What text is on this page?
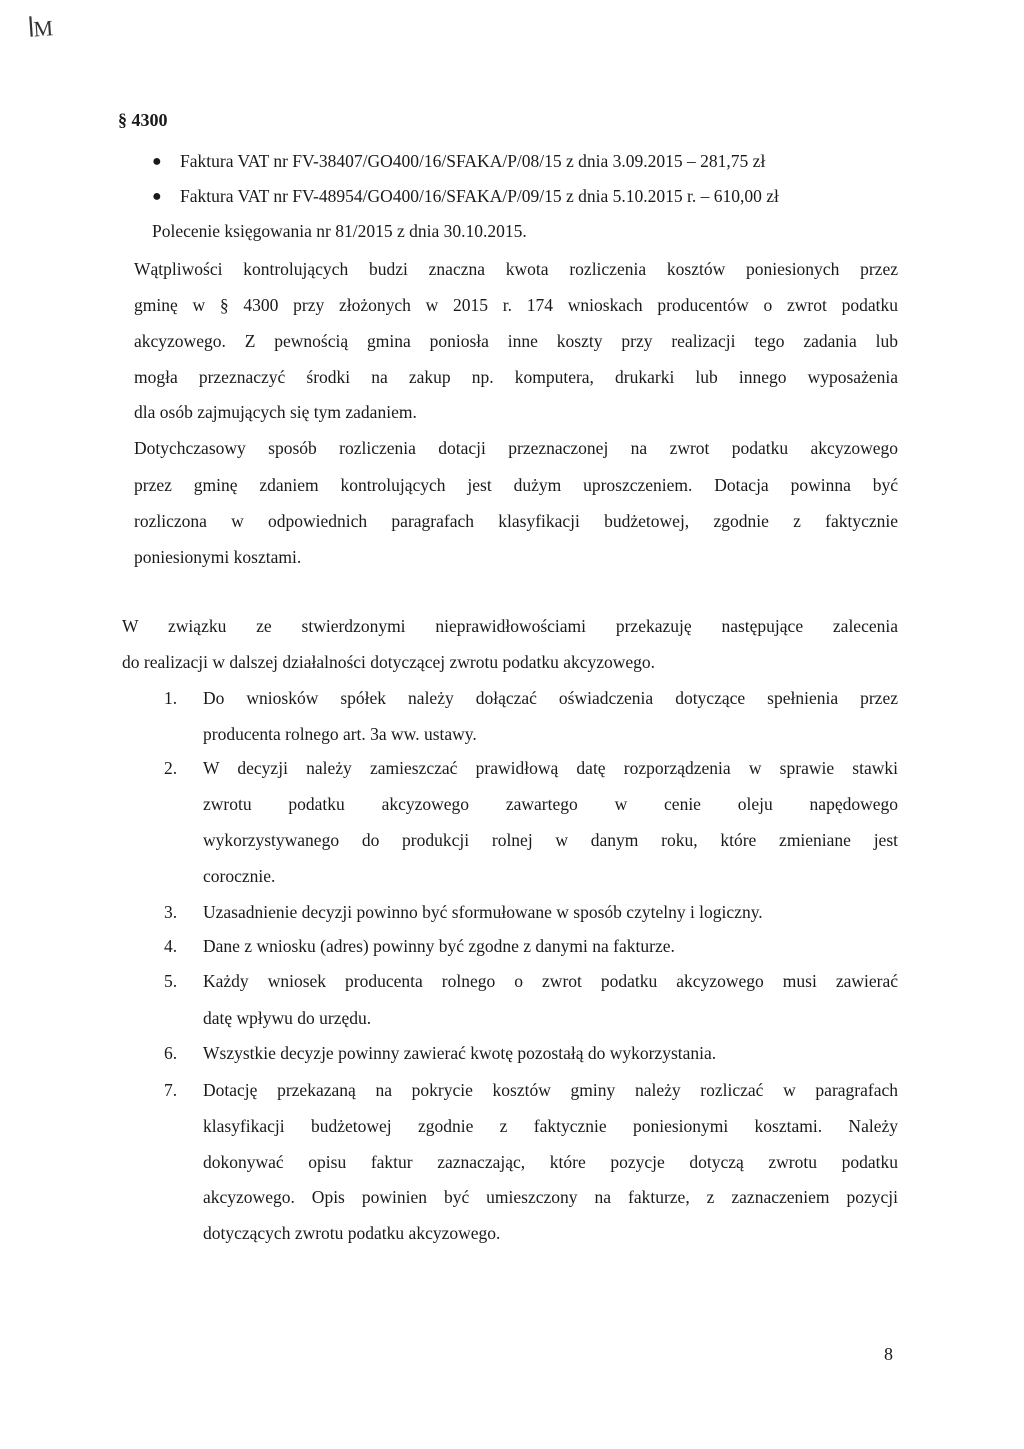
ꟾM
§ 4300
● Faktura VAT nr FV-38407/GO400/16/SFAKA/P/08/15 z dnia 3.09.2015 – 281,75 zł
● Faktura VAT nr FV-48954/GO400/16/SFAKA/P/09/15 z dnia 5.10.2015 r. – 610,00 zł
Polecenie księgowania nr 81/2015 z dnia 30.10.2015.
Wątpliwości kontrolujących budzi znaczna kwota rozliczenia kosztów poniesionych przez
gminę w § 4300 przy złożonych w 2015 r. 174 wnioskach producentów o zwrot podatku
akcyzowego. Z pewnością gmina poniosła inne koszty przy realizacji tego zadania lub
mogła przeznaczyć środki na zakup np. komputera, drukarki lub innego wyposażenia
dla osób zajmujących się tym zadaniem.
Dotychczasowy sposób rozliczenia dotacji przeznaczonej na zwrot podatku akcyzowego
przez gminę zdaniem kontrolujących jest dużym uproszczeniem. Dotacja powinna być
rozliczona w odpowiednich paragrafach klasyfikacji budżetowej, zgodnie z faktycznie
poniesionymi kosztami.
W związku ze stwierdzonymi nieprawidłowościami przekazuję następujące zalecenia
do realizacji w dalszej działalności dotyczącej zwrotu podatku akcyzowego.
1. Do wniosków spółek należy dołączać oświadczenia dotyczące spełnienia przez
producenta rolnego art. 3a ww. ustawy.
2. W decyzji należy zamieszczać prawidłową datę rozporządzenia w sprawie stawki
zwrotu podatku akcyzowego zawartego w cenie oleju napędowego
wykorzystywanego do produkcji rolnej w danym roku, które zmieniane jest
corocznie.
3. Uzasadnienie decyzji powinno być sformułowane w sposób czytelny i logiczny.
4. Dane z wniosku (adres) powinny być zgodne z danymi na fakturze.
5. Każdy wniosek producenta rolnego o zwrot podatku akcyzowego musi zawierać
datę wpływu do urzędu.
6. Wszystkie decyzje powinny zawierać kwotę pozostałą do wykorzystania.
7. Dotację przekazaną na pokrycie kosztów gminy należy rozliczać w paragrafach
klasyfikacji budżetowej zgodnie z faktycznie poniesionymi kosztami. Należy
dokonywać opisu faktur zaznaczając, które pozycje dotyczą zwrotu podatku
akcyzowego. Opis powinien być umieszczony na fakturze, z zaznaczeniem pozycji
dotyczących zwrotu podatku akcyzowego.
8
